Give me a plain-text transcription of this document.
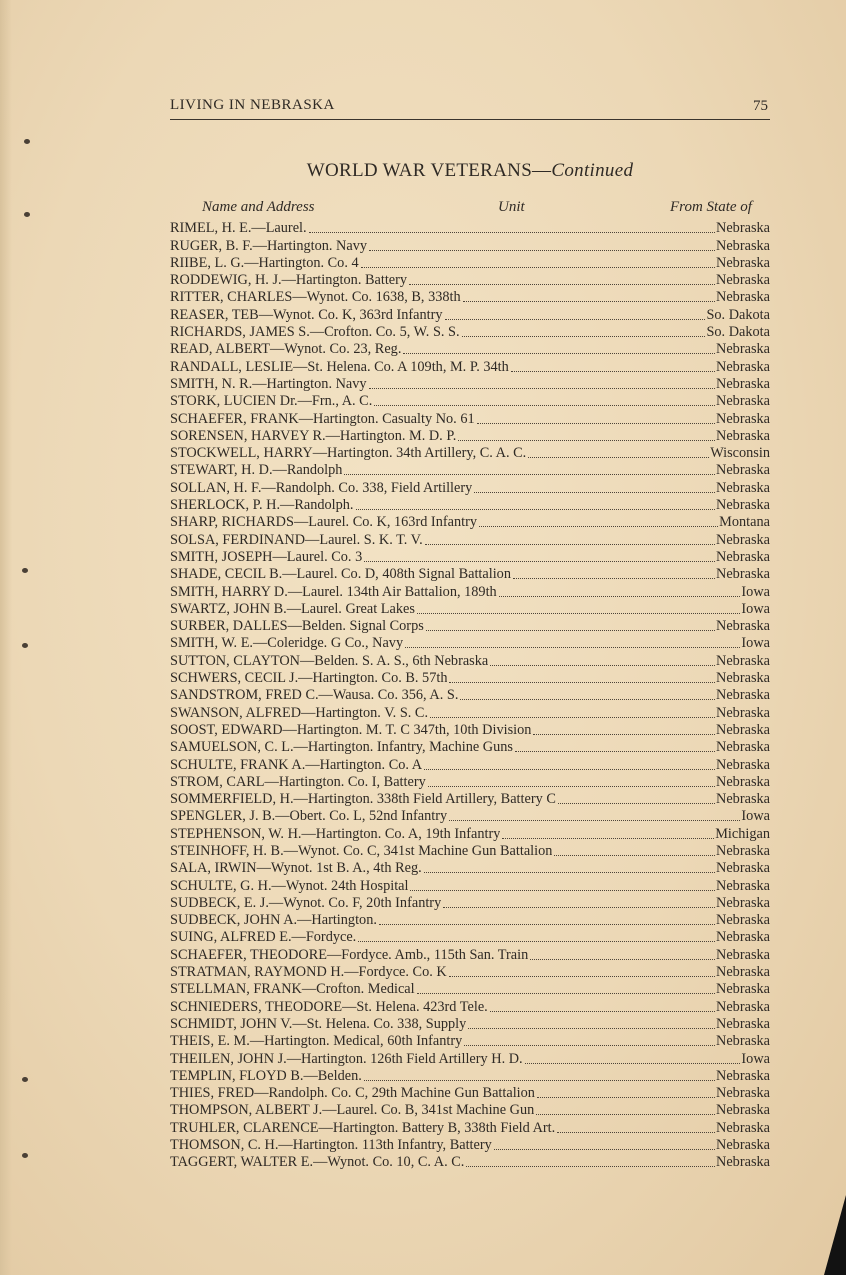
LIVING IN NEBRASKA	75
WORLD WAR VETERANS—Continued
Name and Address	Unit	From State of
RIMEL, H. E.—Laurel.	Nebraska
RUGER, B. F.—Hartington. Navy	Nebraska
RIIBE, L. G.—Hartington. Co. 4	Nebraska
RODDEWIG, H. J.—Hartington. Battery	Nebraska
RITTER, CHARLES—Wynot. Co. 1638, B, 338th	Nebraska
REASER, TEB—Wynot. Co. K, 363rd Infantry	So. Dakota
RICHARDS, JAMES S.—Crofton. Co. 5, W. S. S.	So. Dakota
READ, ALBERT—Wynot. Co. 23, Reg.	Nebraska
RANDALL, LESLIE—St. Helena. Co. A 109th, M. P. 34th	Nebraska
SMITH, N. R.—Hartington. Navy	Nebraska
STORK, LUCIEN Dr.—Frn., A. C.	Nebraska
SCHAEFER, FRANK—Hartington. Casualty No. 61	Nebraska
SORENSEN, HARVEY R.—Hartington. M. D. P.	Nebraska
STOCKWELL, HARRY—Hartington. 34th Artillery, C. A. C.	Wisconsin
STEWART, H. D.—Randolph	Nebraska
SOLLAN, H. F.—Randolph. Co. 338, Field Artillery	Nebraska
SHERLOCK, P. H.—Randolph.	Nebraska
SHARP, RICHARDS—Laurel. Co. K, 163rd Infantry	Montana
SOLSA, FERDINAND—Laurel. S. K. T. V.	Nebraska
SMITH, JOSEPH—Laurel. Co. 3	Nebraska
SHADE, CECIL B.—Laurel. Co. D, 408th Signal Battalion	Nebraska
SMITH, HARRY D.—Laurel. 134th Air Battalion, 189th	Iowa
SWARTZ, JOHN B.—Laurel. Great Lakes	Iowa
SURBER, DALLES—Belden. Signal Corps	Nebraska
SMITH, W. E.—Coleridge. G Co., Navy	Iowa
SUTTON, CLAYTON—Belden. S. A. S., 6th Nebraska	Nebraska
SCHWERS, CECIL J.—Hartington. Co. B. 57th	Nebraska
SANDSTROM, FRED C.—Wausa. Co. 356, A. S.	Nebraska
SWANSON, ALFRED—Hartington. V. S. C.	Nebraska
SOOST, EDWARD—Hartington. M. T. C 347th, 10th Division	Nebraska
SAMUELSON, C. L.—Hartington. Infantry, Machine Guns	Nebraska
SCHULTE, FRANK A.—Hartington. Co. A	Nebraska
STROM, CARL—Hartington. Co. I, Battery	Nebraska
SOMMERFIELD, H.—Hartington. 338th Field Artillery, Battery C	Nebraska
SPENGLER, J. B.—Obert. Co. L, 52nd Infantry	Iowa
STEPHENSON, W. H.—Hartington. Co. A, 19th Infantry	Michigan
STEINHOFF, H. B.—Wynot. Co. C, 341st Machine Gun Battalion	Nebraska
SALA, IRWIN—Wynot. 1st B. A., 4th Reg.	Nebraska
SCHULTE, G. H.—Wynot. 24th Hospital	Nebraska
SUDBECK, E. J.—Wynot. Co. F, 20th Infantry	Nebraska
SUDBECK, JOHN A.—Hartington.	Nebraska
SUING, ALFRED E.—Fordyce.	Nebraska
SCHAEFER, THEODORE—Fordyce. Amb., 115th San. Train	Nebraska
STRATMAN, RAYMOND H.—Fordyce. Co. K	Nebraska
STELLMAN, FRANK—Crofton. Medical	Nebraska
SCHNIEDERS, THEODORE—St. Helena. 423rd Tele.	Nebraska
SCHMIDT, JOHN V.—St. Helena. Co. 338, Supply	Nebraska
THEIS, E. M.—Hartington. Medical, 60th Infantry	Nebraska
THEILEN, JOHN J.—Hartington. 126th Field Artillery H. D.	Iowa
TEMPLIN, FLOYD B.—Belden.	Nebraska
THIES, FRED—Randolph. Co. C, 29th Machine Gun Battalion	Nebraska
THOMPSON, ALBERT J.—Laurel. Co. B, 341st Machine Gun	Nebraska
TRUHLER, CLARENCE—Hartington. Battery B, 338th Field Art.	Nebraska
THOMSON, C. H.—Hartington. 113th Infantry, Battery	Nebraska
TAGGERT, WALTER E.—Wynot. Co. 10, C. A. C.	Nebraska
